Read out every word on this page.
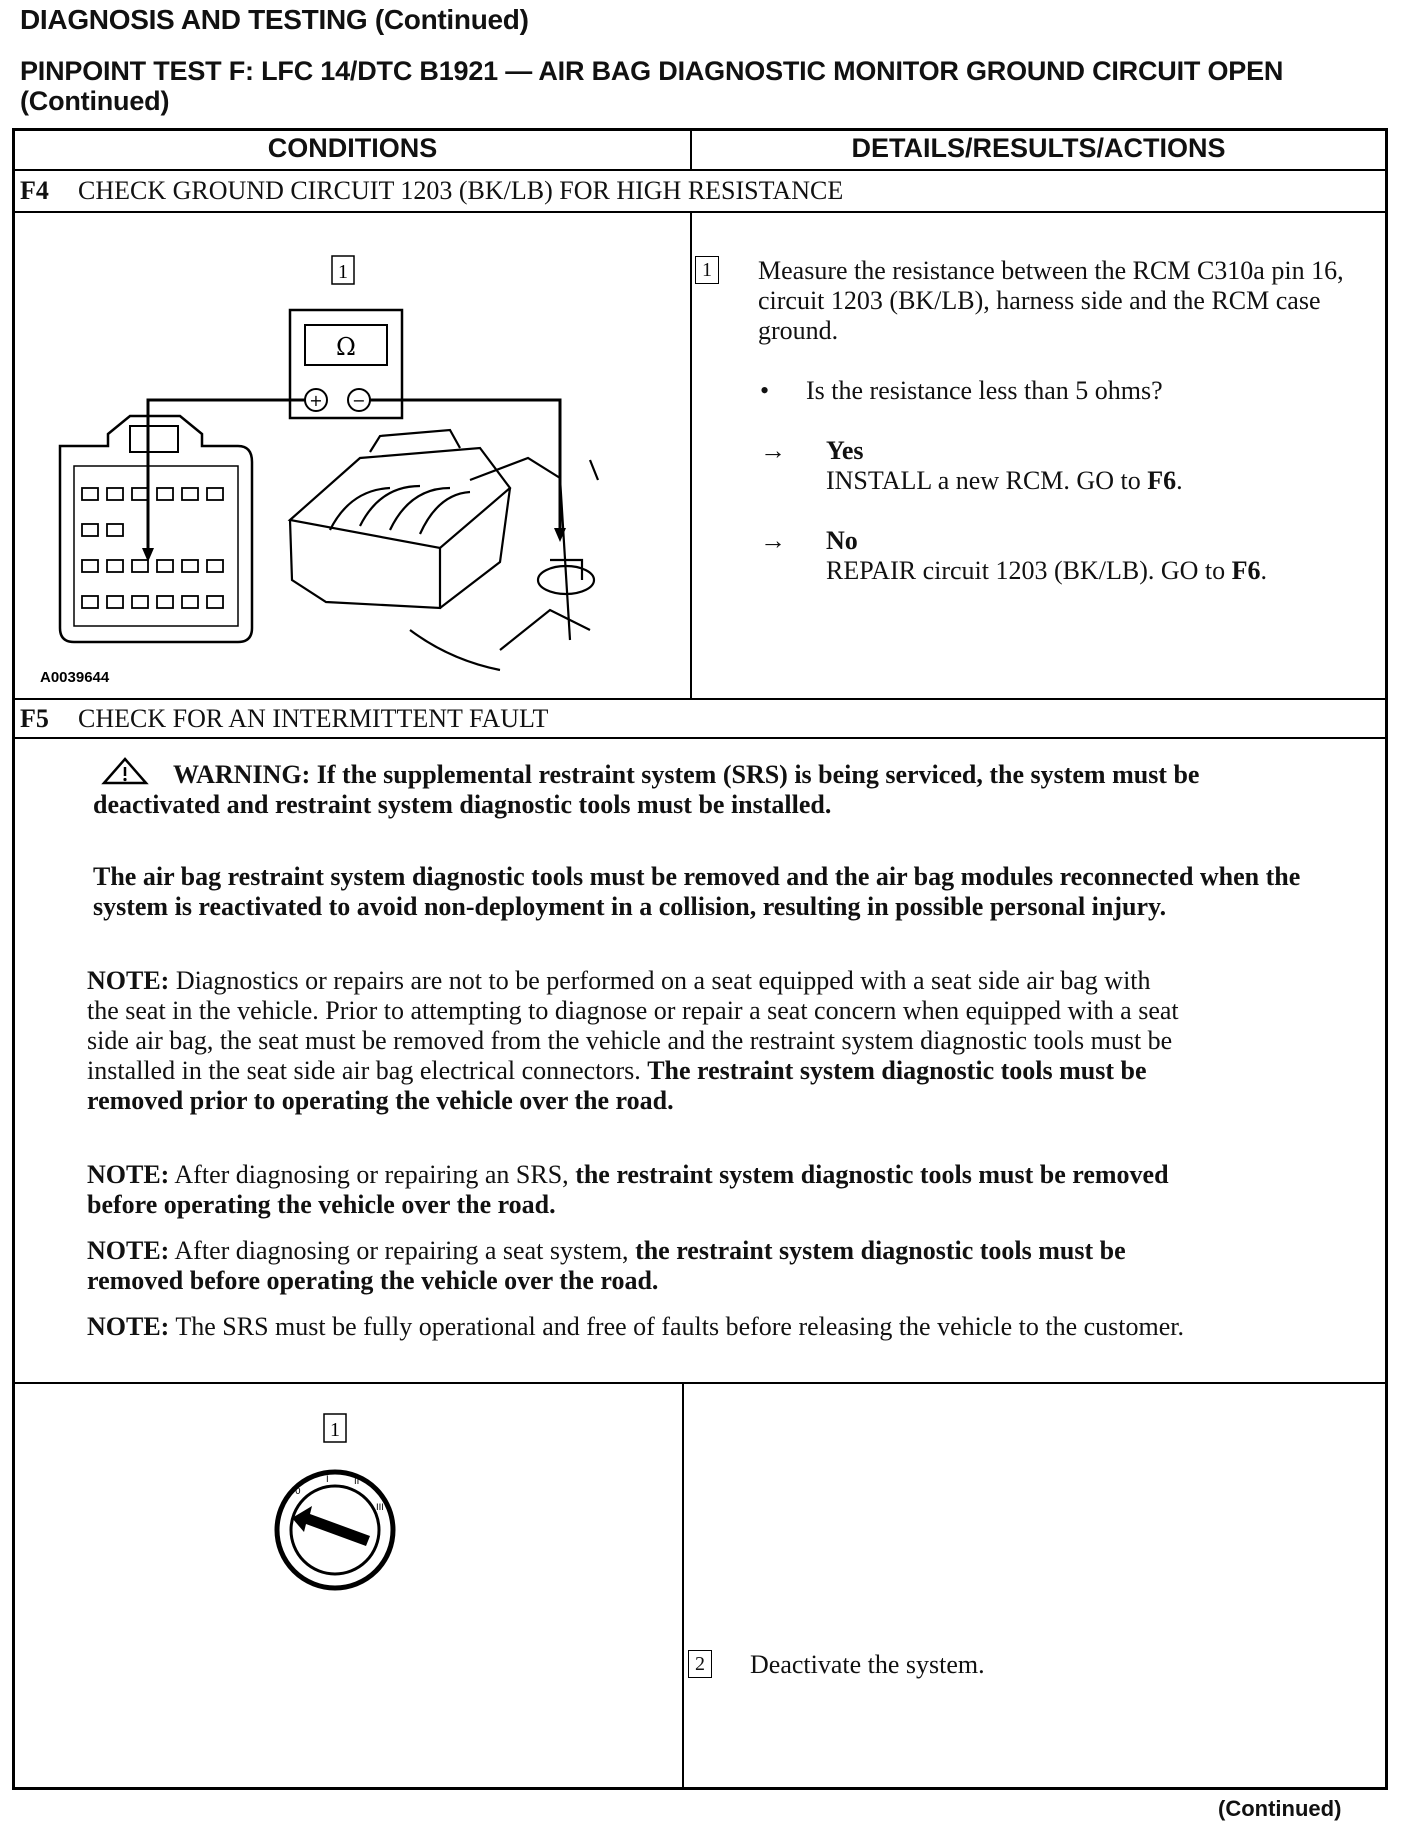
DIAGNOSIS AND TESTING (Continued)
PINPOINT TEST F: LFC 14/DTC B1921 — AIR BAG DIAGNOSTIC MONITOR GROUND CIRCUIT OPEN (Continued)
CONDITIONS	DETAILS/RESULTS/ACTIONS
F4 CHECK GROUND CIRCUIT 1203 (BK/LB) FOR HIGH RESISTANCE
1
Ω
+ −
A0039644
1 Measure the resistance between the RCM C310a pin 16, circuit 1203 (BK/LB), harness side and the RCM case ground.
• Is the resistance less than 5 ohms?
→ Yes
INSTALL a new RCM. GO to F6.
→ No
REPAIR circuit 1203 (BK/LB). GO to F6.
F5 CHECK FOR AN INTERMITTENT FAULT
WARNING: If the supplemental restraint system (SRS) is being serviced, the system must be deactivated and restraint system diagnostic tools must be installed.
The air bag restraint system diagnostic tools must be removed and the air bag modules reconnected when the system is reactivated to avoid non-deployment in a collision, resulting in possible personal injury.
NOTE: Diagnostics or repairs are not to be performed on a seat equipped with a seat side air bag with the seat in the vehicle. Prior to attempting to diagnose or repair a seat concern when equipped with a seat side air bag, the seat must be removed from the vehicle and the restraint system diagnostic tools must be installed in the seat side air bag electrical connectors. The restraint system diagnostic tools must be removed prior to operating the vehicle over the road.
NOTE: After diagnosing or repairing an SRS, the restraint system diagnostic tools must be removed before operating the vehicle over the road.
NOTE: After diagnosing or repairing a seat system, the restraint system diagnostic tools must be removed before operating the vehicle over the road.
NOTE: The SRS must be fully operational and free of faults before releasing the vehicle to the customer.
1
0
I	II
III
2 Deactivate the system.
(Continued)
